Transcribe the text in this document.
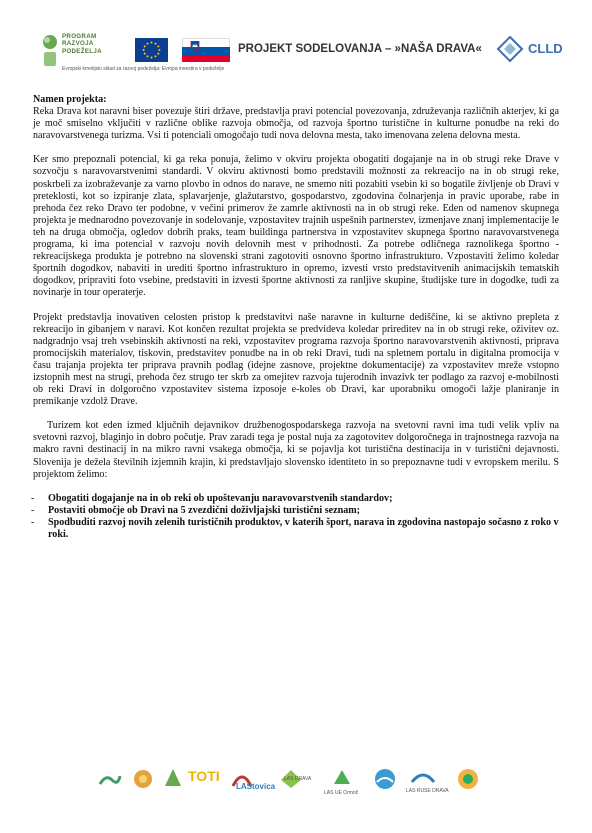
PROGRAM
RAZVOJA
PODEŽELJA
Evropski kmetijski sklad za razvoj podeželja: Evropa investira v podeželje
PROJEKT SODELOVANJA – »NAŠA DRAVA«	CLLD

Namen projekta:

Reka Drava kot naravni biser povezuje štiri države, predstavlja pravi potencial povezovanja, združevanja različnih akterjev, ki ga je moč smiselno vključiti v različne oblike razvoja območja, od razvoja športno turistične in kulturne ponudbe na reki do naravovarstvenega turizma. Vsi ti potenciali omogočajo tudi nova delovna mesta, tako imenovana zelena delovna mesta.

Ker smo prepoznali potencial, ki ga reka ponuja, želimo v okviru projekta obogatiti dogajanje na in ob strugi reke Drave v sozvočju s naravovarstvenimi standardi. V okviru aktivnosti bomo predstavili možnosti za rekreacijo na in ob strugi reke, poskrbeli za izobraževanje za varno plovbo in odnos do narave, ne smemo niti pozabiti vsebin ki so bogatile življenje ob Dravi v preteklosti, kot so izpiranje zlata, splavarjenje, glažutarstvo, gospodarstvo, zgodovina čolnarjenja in pravic uporabe, rabe in prehoda čez reko Dravo ter podobne, v večini primerov že zamrle aktivnosti na in ob strugi reke. Eden od namenov skupnega projekta je mednarodno povezovanje in sodelovanje, vzpostavitev trajnih uspešnih partnerstev, izmenjave znanj implementacije le teh na druga območja, ogledov dobrih praks, team buildinga partnerstva in vzpostavitev skupnega športno naravovarstvenega programa, ki ima potencial v razvoju novih delovnih mest v prihodnosti. Za potrebe odličnega raznolikega športno - rekreacijskega produkta je potrebno na slovenski strani zagotoviti osnovno športno infrastrukturo. Vzpostaviti želimo koledar športnih dogodkov, nabaviti in urediti športno infrastrukturo in opremo, izvesti vrsto predstavitvenih animacijskih tematskih dogodkov, pripraviti foto vsebine, predstaviti in izvesti športne aktivnosti za ranljive skupine, študijske ture in dogodke, tudi za novinarje in tour operaterje.

Projekt predstavlja inovativen celosten pristop k predstavitvi naše naravne in kulturne dediščine, ki se aktivno prepleta z rekreacijo in gibanjem v naravi. Kot končen rezultat projekta se predvideva koledar prireditev na in ob strugi reke, oživitev oz. nadgradnjo vsaj treh vsebinskih aktivnosti na reki, vzpostavitev programa razvoja športno naravovarstvenih aktivnosti, priprava promocijskih materialov, tiskovin, predstavitev ponudbe na in ob reki Dravi, tudi na spletnem portalu in digitalna promocija v času trajanja projekta ter priprava pravnih podlag (idejne zasnove, projektne dokumentacije) za vzpostavitev mreže vstopno izstopnih mest na strugi, prehoda čez strugo ter skrb za omejitev razvoja tujerodnih invazivk ter podlago za razvoj e-mobilnosti ob reki Dravi in dolgoročno vzpostavitev sistema izposoje e-koles ob Dravi, kar uporabniku omogoči lažje planiranje in premikanje vzdolž Drave.

Turizem kot eden izmed ključnih dejavnikov družbenogospodarskega razvoja na svetovni ravni ima tudi velik vpliv na svetovni razvoj, blaginjo in dobro počutje. Prav zaradi tega je postal nuja za zagotovitev dolgoročnega in trajnostnega razvoja na makro ravni destinacij in na mikro ravni vsakega območja, ki se pojavlja kot turistična destinacija in v turistični dejavnosti. Slovenija je dežela številnih izjemnih krajin, ki predstavljajo slovensko identiteto in so prepoznavne tudi v evropskem merilu. S projektom želimo:

- Obogatiti dogajanje na in ob reki ob upoštevanju naravovarstvenih standardov;
- Postaviti območje ob Dravi na 5 zvezdični doživljajski turistični seznam;
- Spodbuditi razvoj novih zelenih turističnih produktov, v katerih šport, narava in zgodovina nastopajo sočasno z roko v roki.
TOTI
LAStovica
LAS DRAVA
LAS UE Ormož	LAS RUSE DRAVA
